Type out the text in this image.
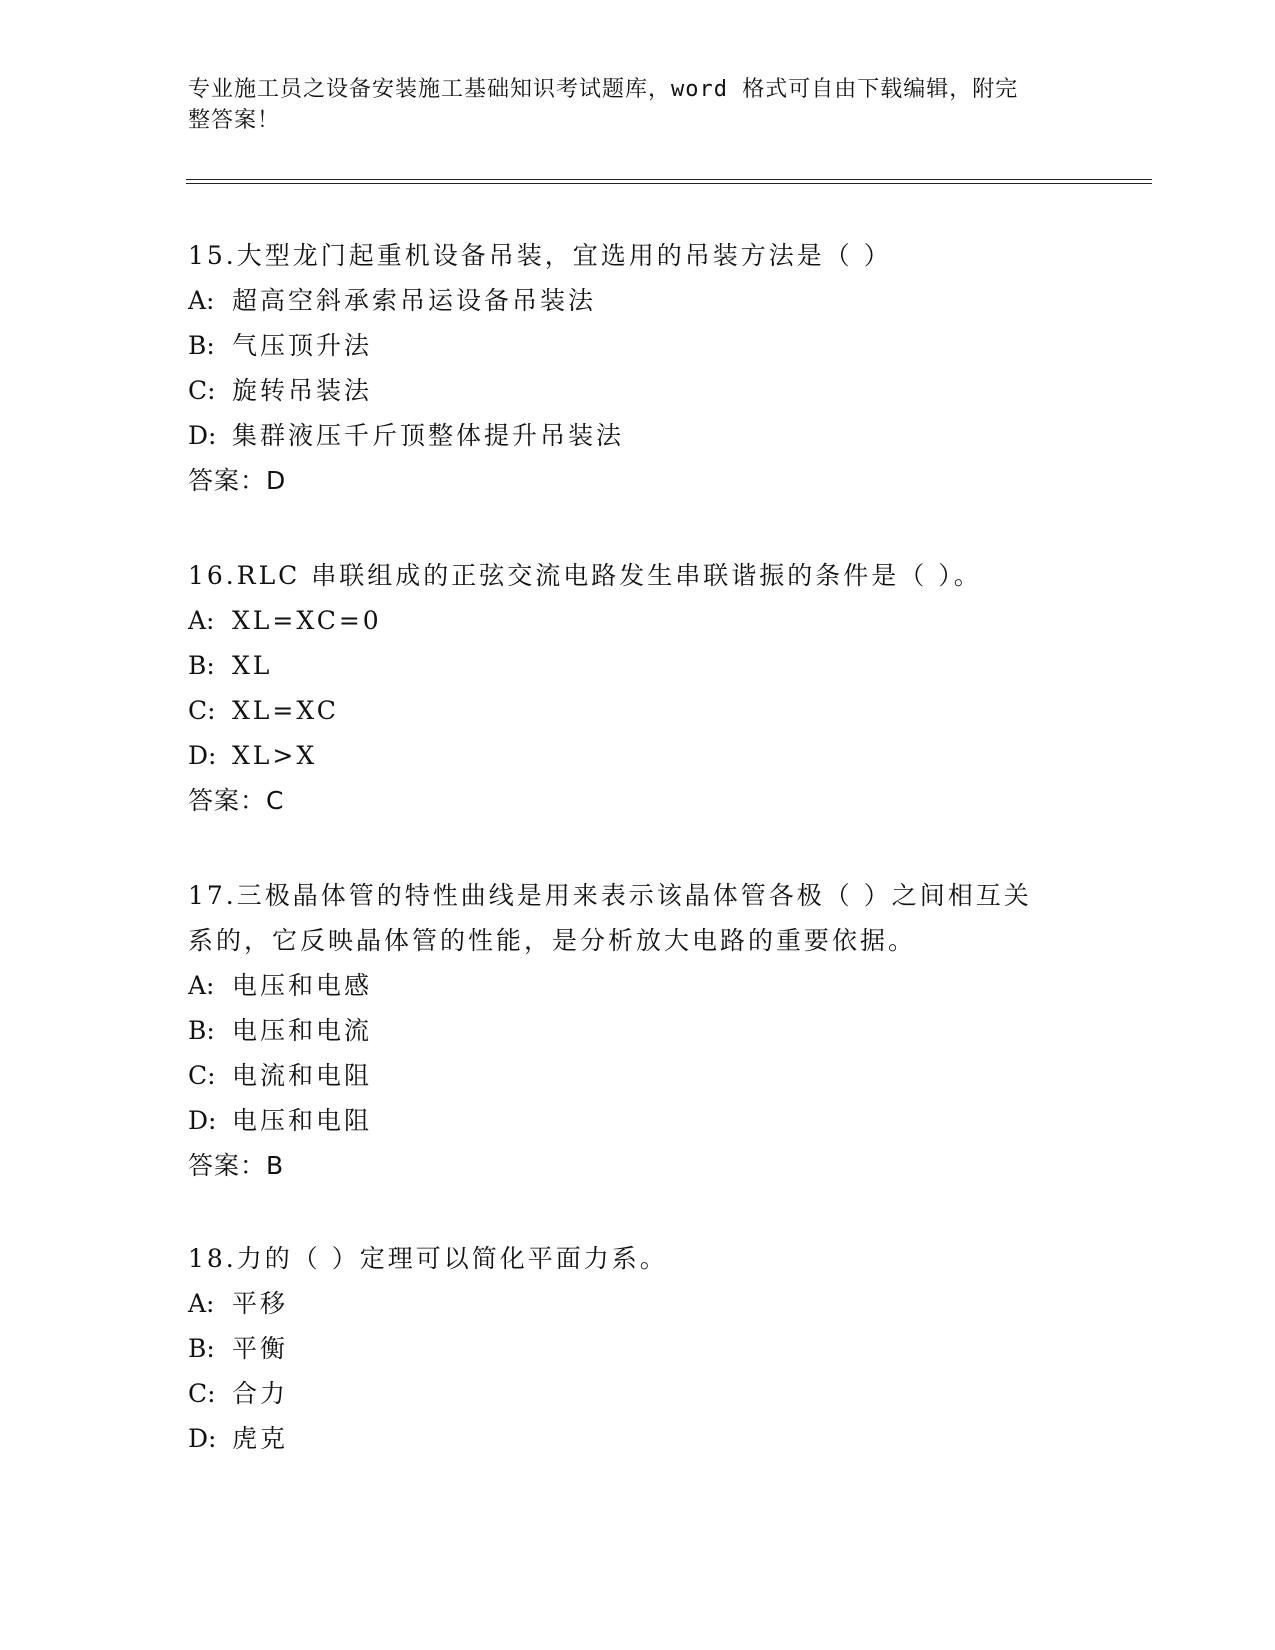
专业施工员之设备安装施工基础知识考试题库，word 格式可自由下载编辑，附完
整答案！
15.大型龙门起重机设备吊装，宜选用的吊装方法是（ ）
A: 超高空斜承索吊运设备吊装法
B: 气压顶升法
C: 旋转吊装法
D: 集群液压千斤顶整体提升吊装法
答案：D
16.RLC 串联组成的正弦交流电路发生串联谐振的条件是（ ）。
A: XL=XC=0
B: XL
C: XL=XC
D: XL>X
答案：C
17.三极晶体管的特性曲线是用来表示该晶体管各极（ ）之间相互关
系的，它反映晶体管的性能，是分析放大电路的重要依据。
A: 电压和电感
B: 电压和电流
C: 电流和电阻
D: 电压和电阻
答案：B
18.力的（ ）定理可以简化平面力系。
A: 平移
B: 平衡
C: 合力
D: 虎克
